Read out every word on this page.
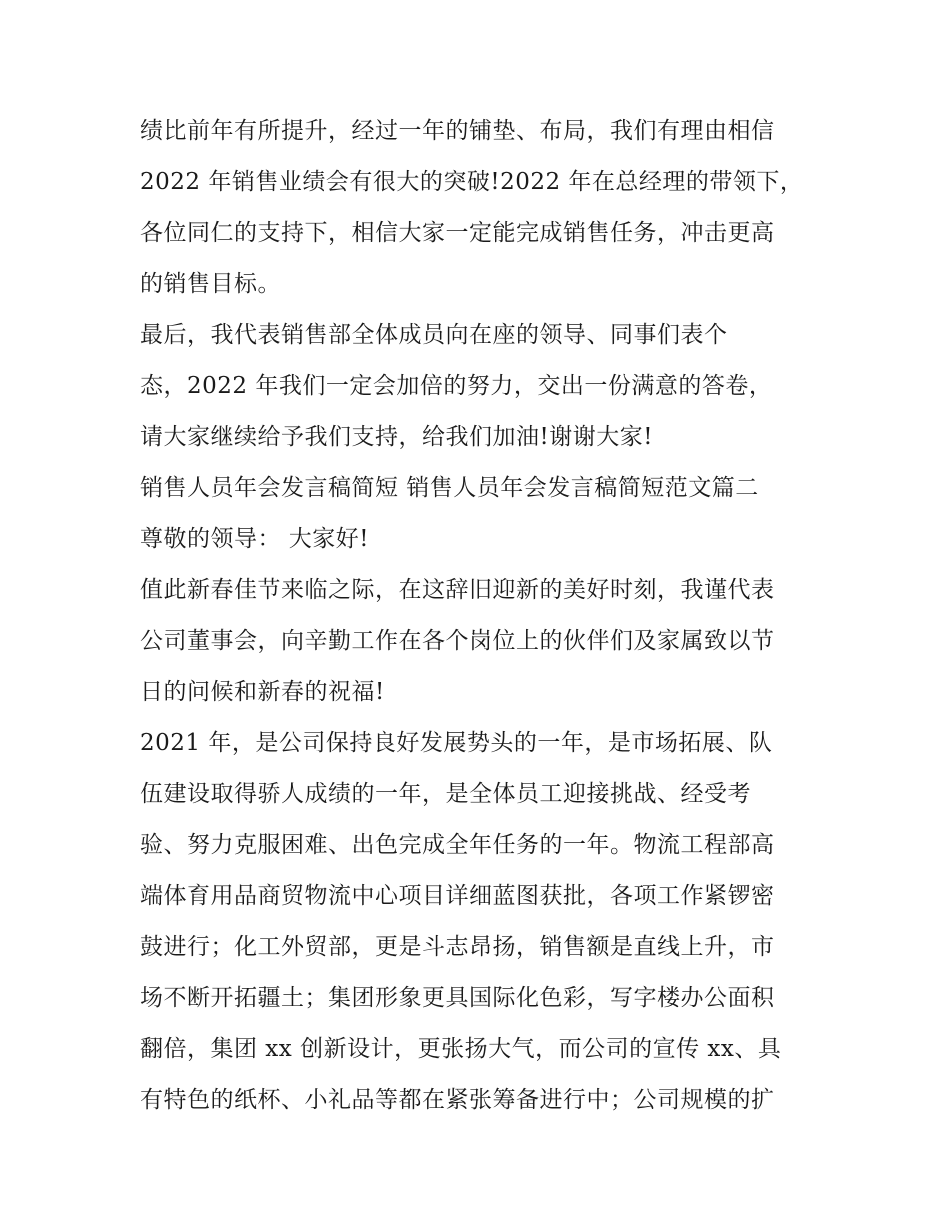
绩比前年有所提升，经过一年的铺垫、布局，我们有理由相信
2022 年销售业绩会有很大的突破!2022 年在总经理的带领下，
各位同仁的支持下，相信大家一定能完成销售任务，冲击更高
的销售目标。
最后，我代表销售部全体成员向在座的领导、同事们表个
态，2022 年我们一定会加倍的努力，交出一份满意的答卷，
请大家继续给予我们支持，给我们加油!谢谢大家!
销售人员年会发言稿简短 销售人员年会发言稿简短范文篇二
尊敬的领导： 大家好!
值此新春佳节来临之际，在这辞旧迎新的美好时刻，我谨代表
公司董事会，向辛勤工作在各个岗位上的伙伴们及家属致以节
日的问候和新春的祝福!
2021 年，是公司保持良好发展势头的一年，是市场拓展、队
伍建设取得骄人成绩的一年，是全体员工迎接挑战、经受考
验、努力克服困难、出色完成全年任务的一年。物流工程部高
端体育用品商贸物流中心项目详细蓝图获批，各项工作紧锣密
鼓进行；化工外贸部，更是斗志昂扬，销售额是直线上升，市
场不断开拓疆土；集团形象更具国际化色彩，写字楼办公面积
翻倍，集团 xx 创新设计，更张扬大气，而公司的宣传 xx、具
有特色的纸杯、小礼品等都在紧张筹备进行中；公司规模的扩
